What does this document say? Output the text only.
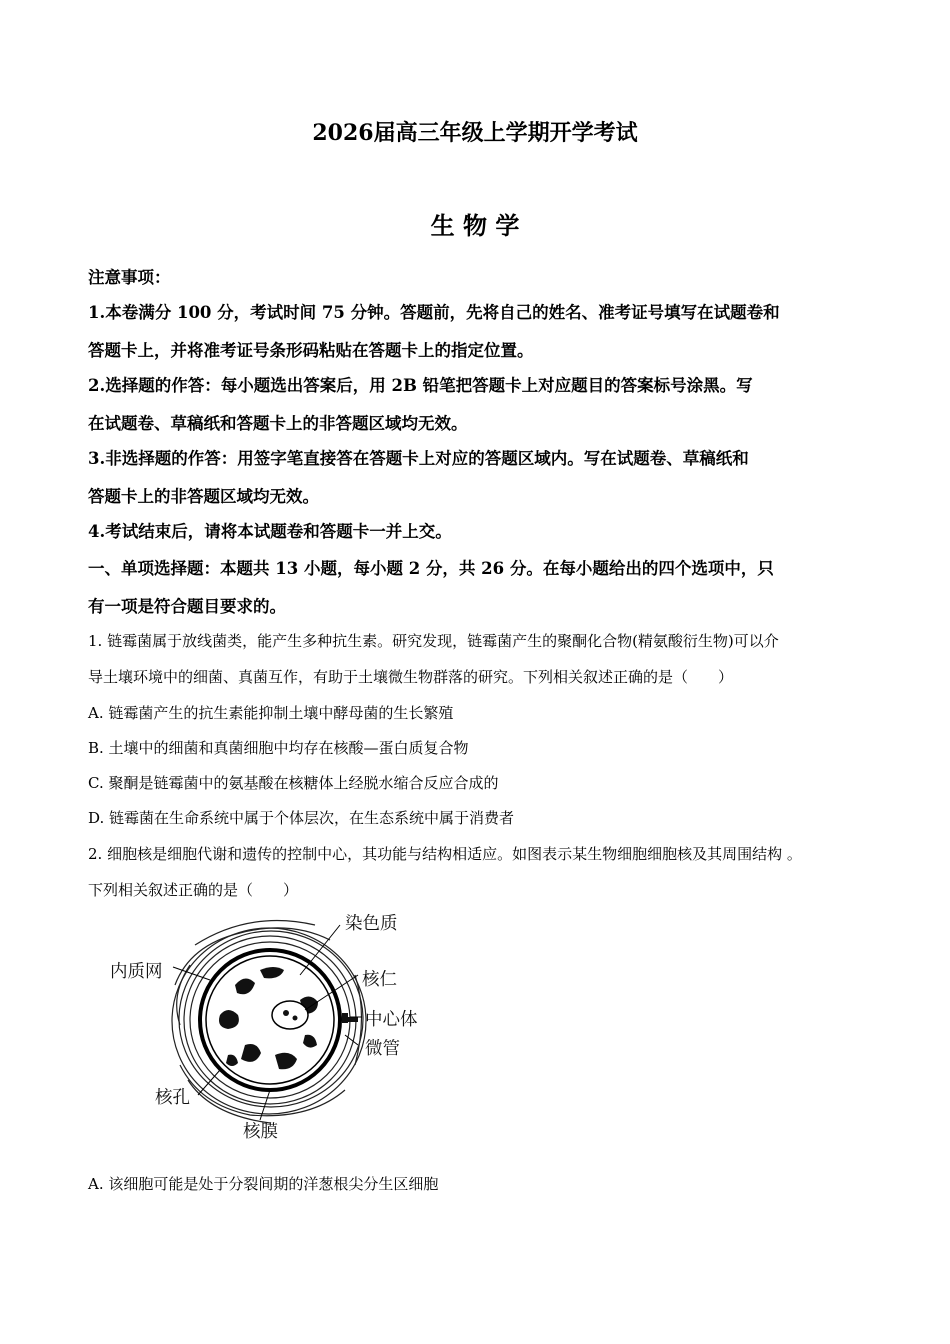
2026届高三年级上学期开学考试
生 物 学
注意事项：
1.本卷满分 100 分，考试时间 75 分钟。答题前，先将自己的姓名、准考证号填写在试题卷和
答题卡上，并将准考证号条形码粘贴在答题卡上的指定位置。
2.选择题的作答：每小题选出答案后，用 2B 铅笔把答题卡上对应题目的答案标号涂黑。写
在试题卷、草稿纸和答题卡上的非答题区域均无效。
3.非选择题的作答：用签字笔直接答在答题卡上对应的答题区域内。写在试题卷、草稿纸和
答题卡上的非答题区域均无效。
4.考试结束后，请将本试题卷和答题卡一并上交。
一、单项选择题：本题共 13 小题，每小题 2 分，共 26 分。在每小题给出的四个选项中，只
有一项是符合题目要求的。
1. 链霉菌属于放线菌类，能产生多种抗生素。研究发现，链霉菌产生的聚酮化合物(精氨酸衍生物)可以介
导土壤环境中的细菌、真菌互作，有助于土壤微生物群落的研究。下列相关叙述正确的是（　　）
A. 链霉菌产生的抗生素能抑制土壤中酵母菌的生长繁殖
B. 土壤中的细菌和真菌细胞中均存在核酸—蛋白质复合物
C. 聚酮是链霉菌中的氨基酸在核糖体上经脱水缩合反应合成的
D. 链霉菌在生命系统中属于个体层次，在生态系统中属于消费者
2. 细胞核是细胞代谢和遗传的控制中心，其功能与结构相适应。如图表示某生物细胞细胞核及其周围结构 。
下列相关叙述正确的是（　　）
染色质
内质网	核仁
中心体
微管
核孔
核膜
A. 该细胞可能是处于分裂间期的洋葱根尖分生区细胞
